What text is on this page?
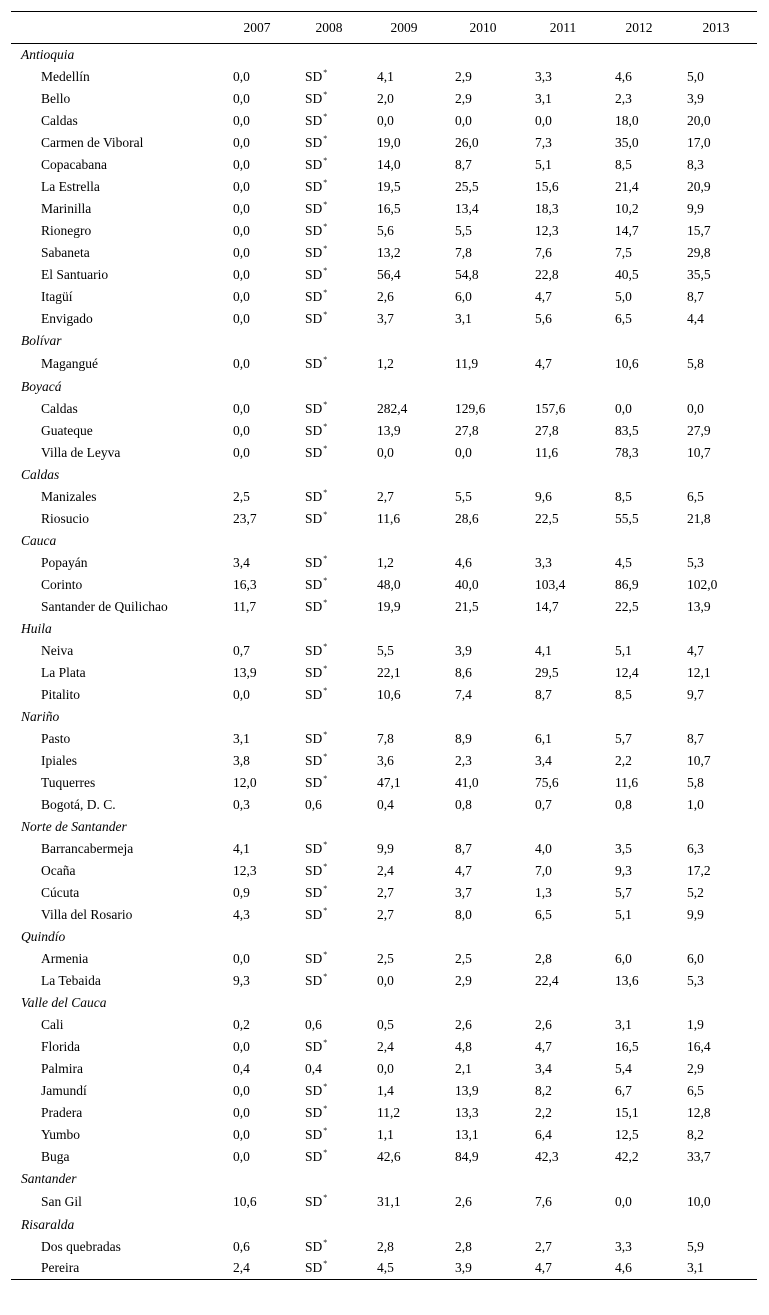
	2007	2008	2009	2010	2011	2012	2013
Antioquia							
Medellín	0,0	SD*	4,1	2,9	3,3	4,6	5,0
Bello	0,0	SD*	2,0	2,9	3,1	2,3	3,9
Caldas	0,0	SD*	0,0	0,0	0,0	18,0	20,0
Carmen de Viboral	0,0	SD*	19,0	26,0	7,3	35,0	17,0
Copacabana	0,0	SD*	14,0	8,7	5,1	8,5	8,3
La Estrella	0,0	SD*	19,5	25,5	15,6	21,4	20,9
Marinilla	0,0	SD*	16,5	13,4	18,3	10,2	9,9
Rionegro	0,0	SD*	5,6	5,5	12,3	14,7	15,7
Sabaneta	0,0	SD*	13,2	7,8	7,6	7,5	29,8
El Santuario	0,0	SD*	56,4	54,8	22,8	40,5	35,5
Itagüí	0,0	SD*	2,6	6,0	4,7	5,0	8,7
Envigado	0,0	SD*	3,7	3,1	5,6	6,5	4,4
Bolívar							
Magangué	0,0	SD*	1,2	11,9	4,7	10,6	5,8
Boyacá							
Caldas	0,0	SD*	282,4	129,6	157,6	0,0	0,0
Guateque	0,0	SD*	13,9	27,8	27,8	83,5	27,9
Villa de Leyva	0,0	SD*	0,0	0,0	11,6	78,3	10,7
Caldas							
Manizales	2,5	SD*	2,7	5,5	9,6	8,5	6,5
Riosucio	23,7	SD*	11,6	28,6	22,5	55,5	21,8
Cauca							
Popayán	3,4	SD*	1,2	4,6	3,3	4,5	5,3
Corinto	16,3	SD*	48,0	40,0	103,4	86,9	102,0
Santander de Quilichao	11,7	SD*	19,9	21,5	14,7	22,5	13,9
Huila							
Neiva	0,7	SD*	5,5	3,9	4,1	5,1	4,7
La Plata	13,9	SD*	22,1	8,6	29,5	12,4	12,1
Pitalito	0,0	SD*	10,6	7,4	8,7	8,5	9,7
Nariño							
Pasto	3,1	SD*	7,8	8,9	6,1	5,7	8,7
Ipiales	3,8	SD*	3,6	2,3	3,4	2,2	10,7
Tuquerres	12,0	SD*	47,1	41,0	75,6	11,6	5,8
Bogotá, D. C.	0,3	0,6	0,4	0,8	0,7	0,8	1,0
Norte de Santander							
Barrancabermeja	4,1	SD*	9,9	8,7	4,0	3,5	6,3
Ocaña	12,3	SD*	2,4	4,7	7,0	9,3	17,2
Cúcuta	0,9	SD*	2,7	3,7	1,3	5,7	5,2
Villa del Rosario	4,3	SD*	2,7	8,0	6,5	5,1	9,9
Quindío							
Armenia	0,0	SD*	2,5	2,5	2,8	6,0	6,0
La Tebaida	9,3	SD*	0,0	2,9	22,4	13,6	5,3
Valle del Cauca							
Cali	0,2	0,6	0,5	2,6	2,6	3,1	1,9
Florida	0,0	SD*	2,4	4,8	4,7	16,5	16,4
Palmira	0,4	0,4	0,0	2,1	3,4	5,4	2,9
Jamundí	0,0	SD*	1,4	13,9	8,2	6,7	6,5
Pradera	0,0	SD*	11,2	13,3	2,2	15,1	12,8
Yumbo	0,0	SD*	1,1	13,1	6,4	12,5	8,2
Buga	0,0	SD*	42,6	84,9	42,3	42,2	33,7
Santander							
San Gil	10,6	SD*	31,1	2,6	7,6	0,0	10,0
Risaralda							
Dos quebradas	0,6	SD*	2,8	2,8	2,7	3,3	5,9
Pereira	2,4	SD*	4,5	3,9	4,7	4,6	3,1
